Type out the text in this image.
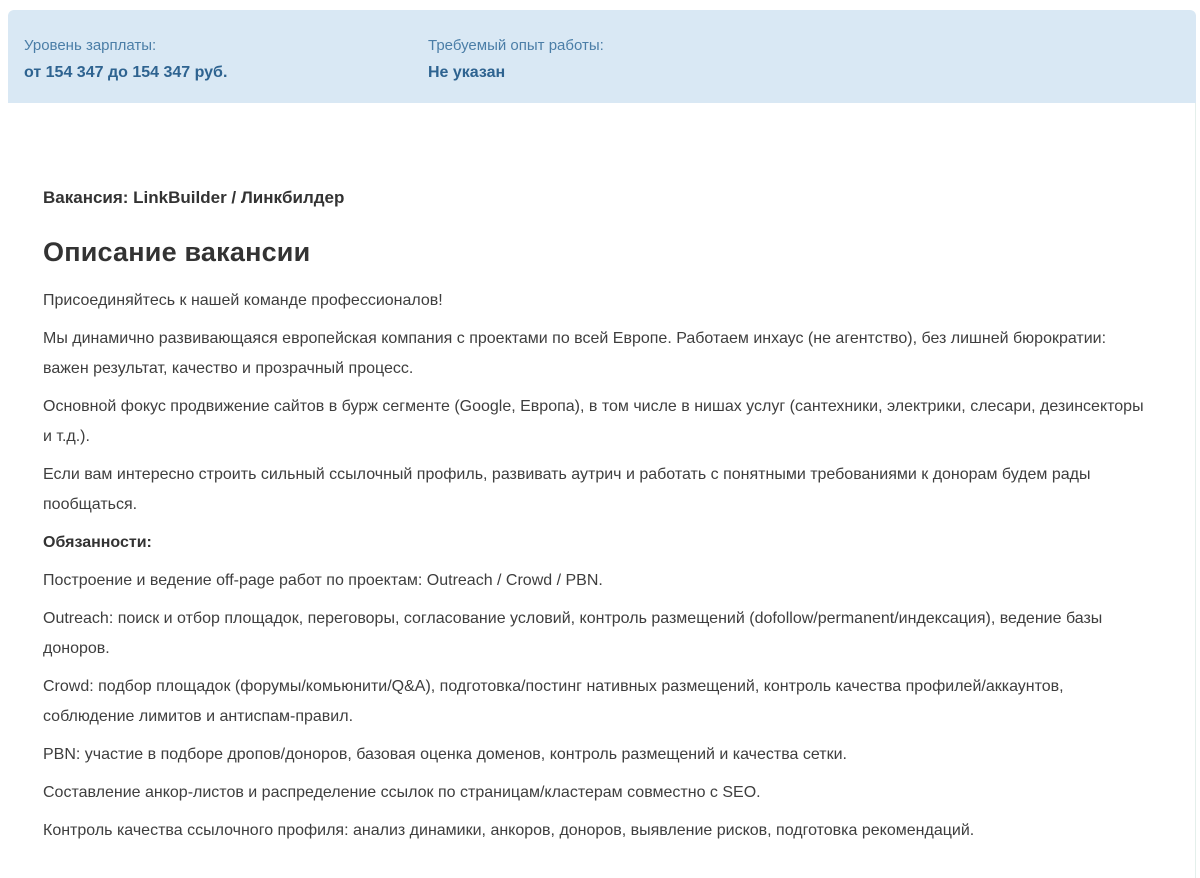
Уровень зарплаты:
от 154 347 до 154 347 руб.
Требуемый опыт работы:
Не указан
Вакансия: LinkBuilder / Линкбилдер
Описание вакансии

Присоединяйтесь к нашей команде профессионалов!

Мы динамично развивающаяся европейская компания с проектами по всей Европе. Работаем инхаус (не агентство), без лишней бюрократии: важен результат, качество и прозрачный процесс.

Основной фокус продвижение сайтов в бурж сегменте (Google, Европа), в том числе в нишах услуг (сантехники, электрики, слесари, дезинсекторы и т.д.).

Если вам интересно строить сильный ссылочный профиль, развивать аутрич и работать с понятными требованиями к донорам будем рады пообщаться.

Обязанности:

Построение и ведение off-page работ по проектам: Outreach / Crowd / PBN.

Outreach: поиск и отбор площадок, переговоры, согласование условий, контроль размещений (dofollow/permanent/индексация), ведение базы доноров.

Crowd: подбор площадок (форумы/комьюнити/Q&A), подготовка/постинг нативных размещений, контроль качества профилей/аккаунтов, соблюдение лимитов и антиспам-правил.

PBN: участие в подборе дропов/доноров, базовая оценка доменов, контроль размещений и качества сетки.

Составление анкор-листов и распределение ссылок по страницам/кластерам совместно с SEO.

Контроль качества ссылочного профиля: анализ динамики, анкоров, доноров, выявление рисков, подготовка рекомендаций.
